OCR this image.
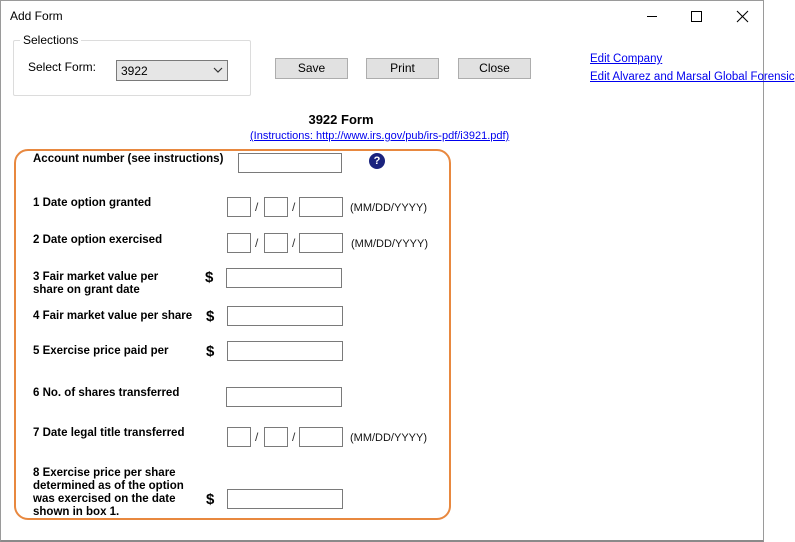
Add Form
Selections
Select Form: 3922	Save	Print	Close
Edit Company
Edit Alvarez and Marsal Global Forensic
3922 Form
(Instructions: http://www.irs.gov/pub/irs-pdf/i3921.pdf)
Account number (see instructions)	?
1 Date option granted	/	/	(MM/DD/YYYY)
2 Date option exercised	/	/	(MM/DD/YYYY)
3 Fair market value per
share on grant date
$
4 Fair market value per share $
5 Exercise price paid per $
6 No. of shares transferred
7 Date legal title transferred	/	/	(MM/DD/YYYY)
8 Exercise price per share
determined as of the option
was exercised on the date
shown in box 1.
$
